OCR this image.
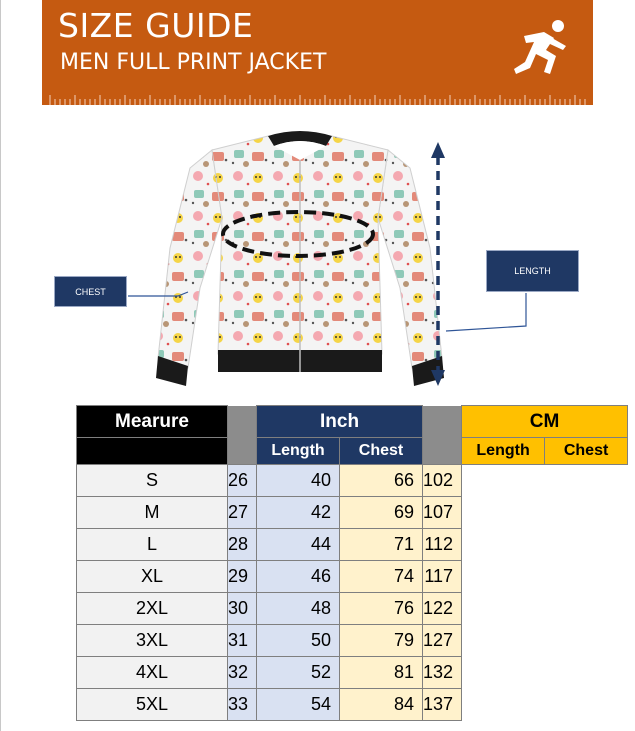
SIZE GUIDE
MEN FULL PRINT JACKET
CHEST
LENGTH
Mearure		Inch			CM	
		Length	Chest		Length	Chest
S	26	40	66	102		
M	27	42	69	107		
L	28	44	71	112		
XL	29	46	74	117		
2XL	30	48	76	122		
3XL	31	50	79	127		
4XL	32	52	81	132		
5XL	33	54	84	137		
